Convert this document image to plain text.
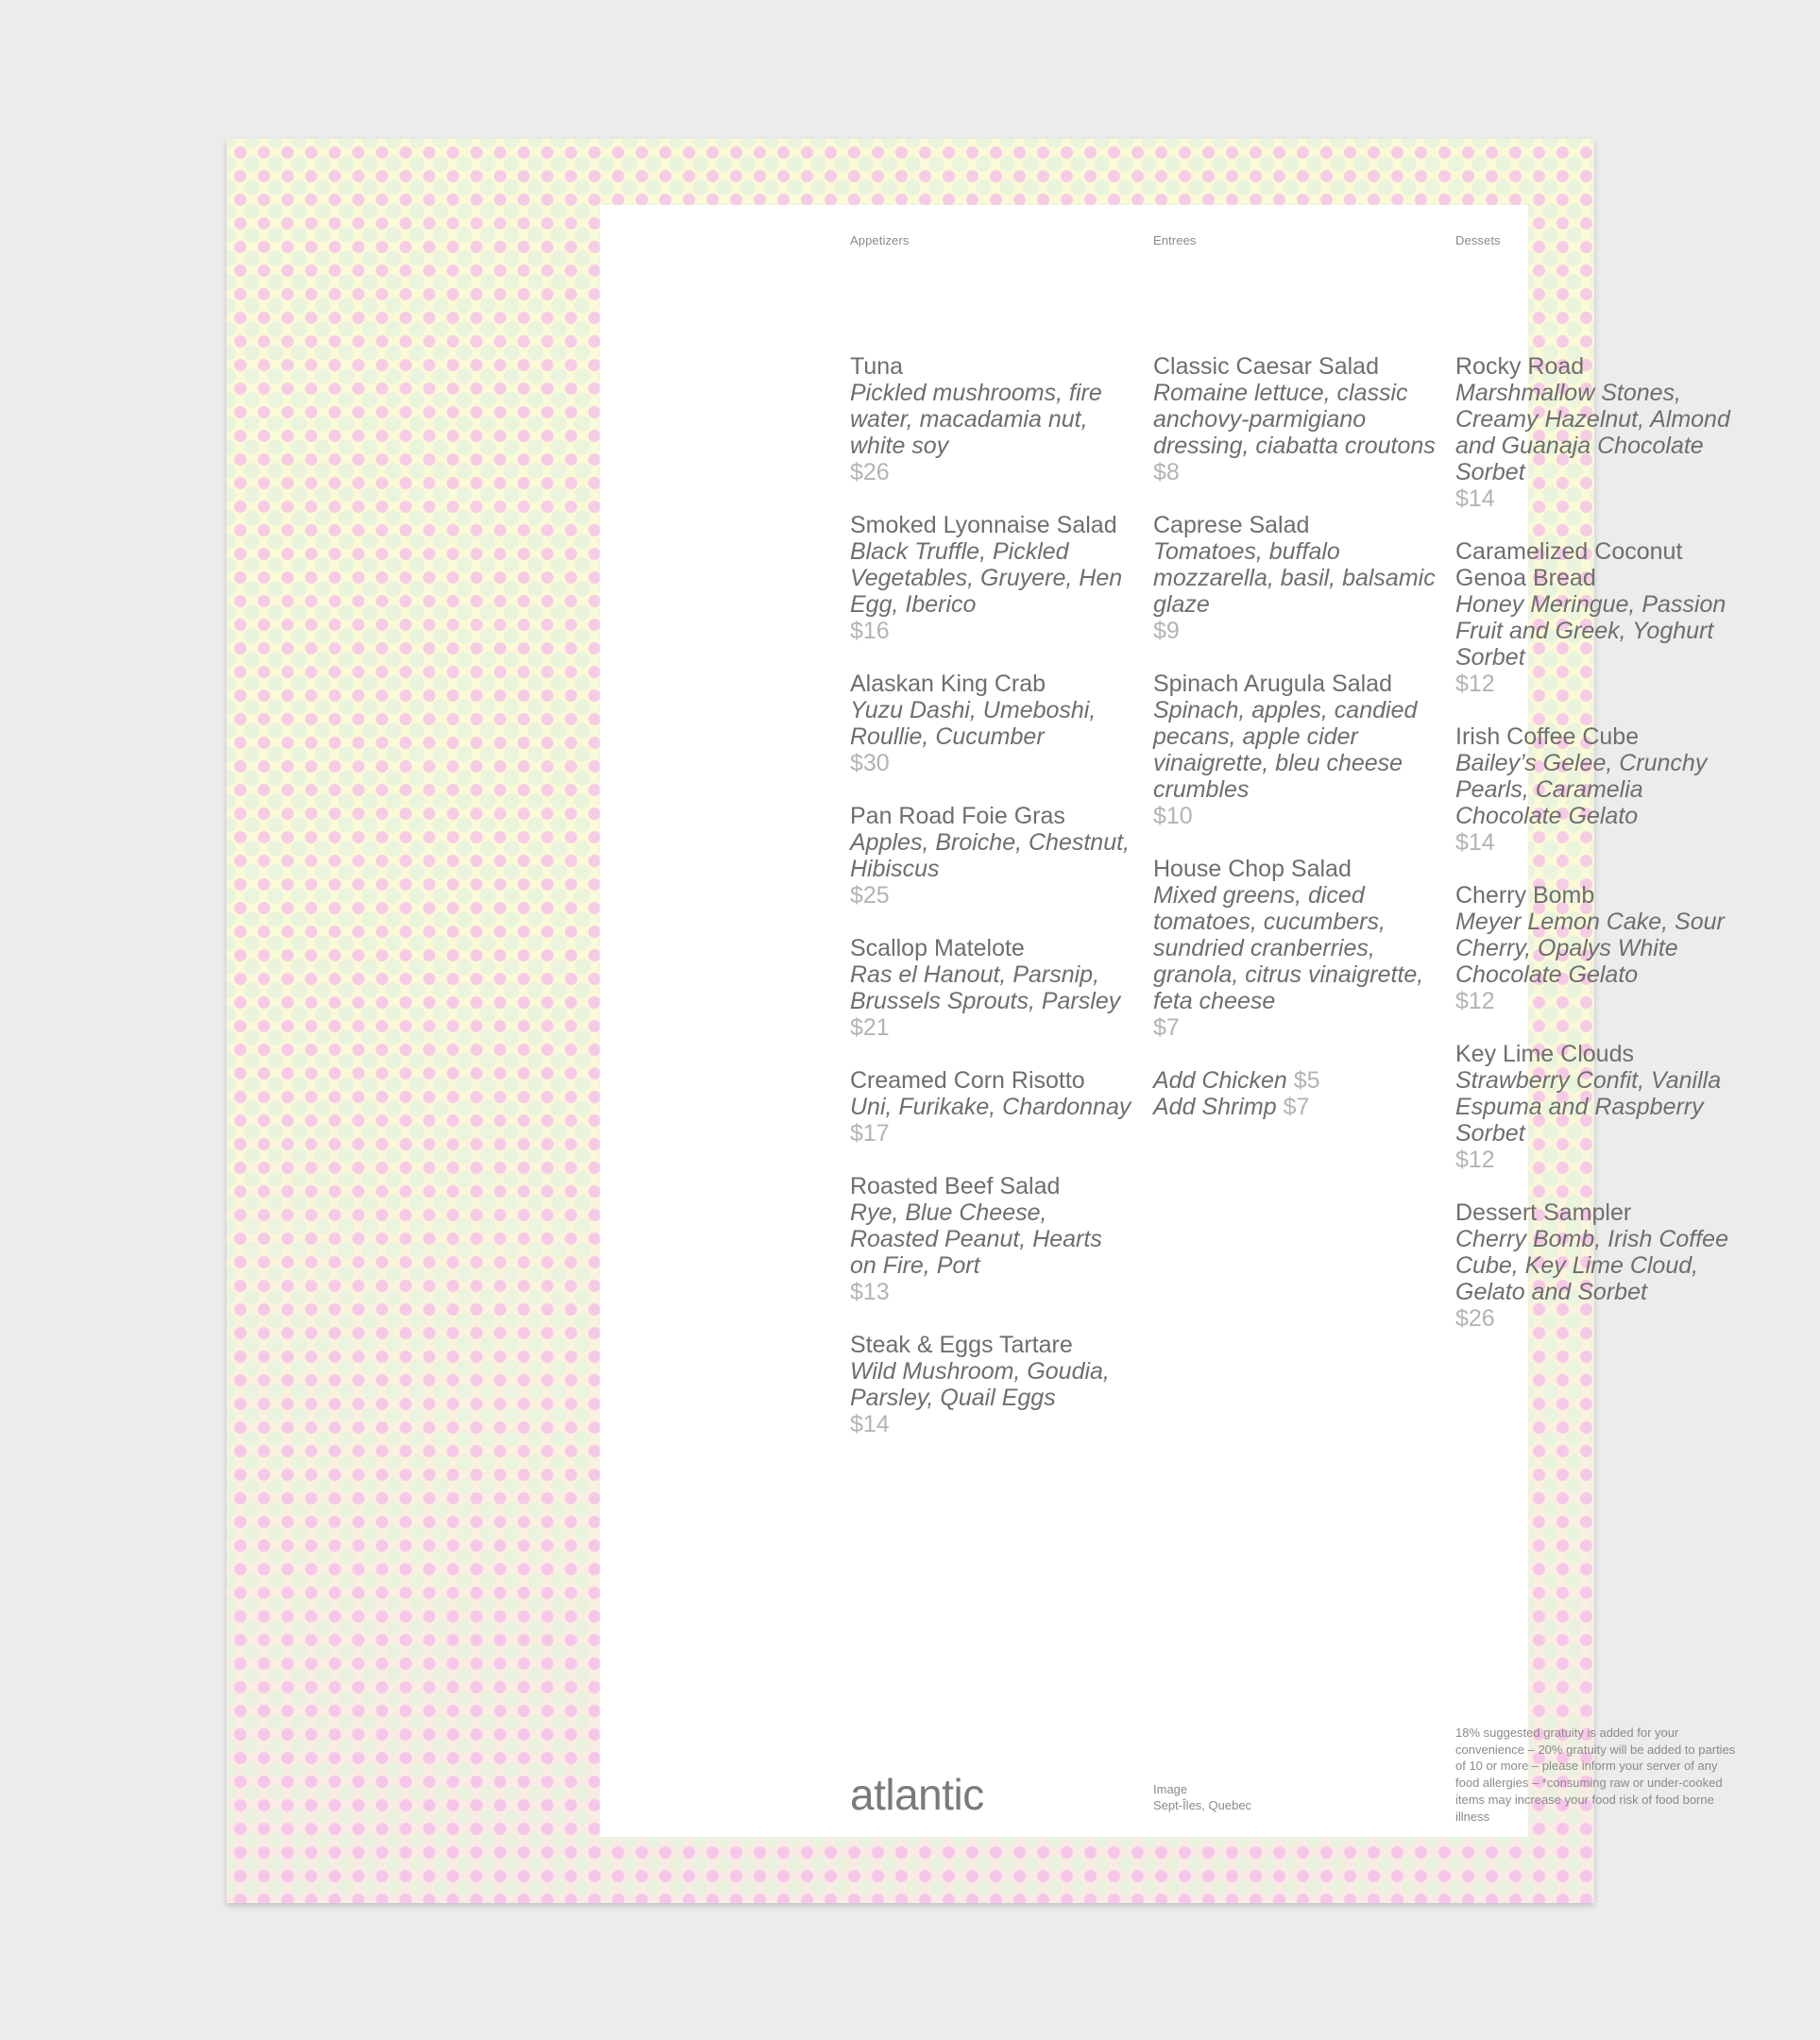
Appetizers
Tuna
Pickled mushrooms, fire water, macadamia nut, white soy
$26
Smoked Lyonnaise Salad
Black Truffle, Pickled Vegetables, Gruyere, Hen Egg, Iberico
$16
Alaskan King Crab
Yuzu Dashi, Umeboshi, Roullie, Cucumber
$30
Pan Road Foie Gras
Apples, Broiche, Chestnut, Hibiscus
$25
Scallop Matelote
Ras el Hanout, Parsnip, Brussels Sprouts, Parsley
$21
Creamed Corn Risotto
Uni, Furikake, Chardonnay
$17
Roasted Beef Salad
Rye, Blue Cheese, Roasted Peanut, Hearts on Fire, Port
$13
Steak & Eggs Tartare
Wild Mushroom, Goudia, Parsley, Quail Eggs
$14
Entrees
Classic Caesar Salad
Romaine lettuce, classic anchovy-parmigiano dressing, ciabatta croutons
$8
Caprese Salad
Tomatoes, buffalo mozzarella, basil, balsamic glaze
$9
Spinach Arugula Salad
Spinach, apples, candied pecans, apple cider vinaigrette, bleu cheese crumbles
$10
House Chop Salad
Mixed greens, diced tomatoes, cucumbers, sundried cranberries, granola, citrus vinaigrette, feta cheese
$7
Add Chicken $5
Add Shrimp $7
Dessets
Rocky Road
Marshmallow Stones, Creamy Hazelnut, Almond and Guanaja Chocolate Sorbet
$14
Caramelized Coconut Genoa Bread
Honey Meringue, Passion Fruit and Greek, Yoghurt Sorbet
$12
Irish Coffee Cube
Bailey’s Gelee, Crunchy Pearls, Caramelia Chocolate Gelato
$14
Cherry Bomb
Meyer Lemon Cake, Sour Cherry, Opalys White Chocolate Gelato
$12
Key Lime Clouds
Strawberry Confit, Vanilla Espuma and Raspberry Sorbet
$12
Dessert Sampler
Cherry Bomb, Irish Coffee Cube, Key Lime Cloud, Gelato and Sorbet
$26
atlantic	Image
Sept-Îles, Quebec
18% suggested gratuity is added for your convenience – 20% gratuity will be added to parties of 10 or more – please inform your server of any food allergies – *consuming raw or under-cooked items may increase your food risk of food borne illness
